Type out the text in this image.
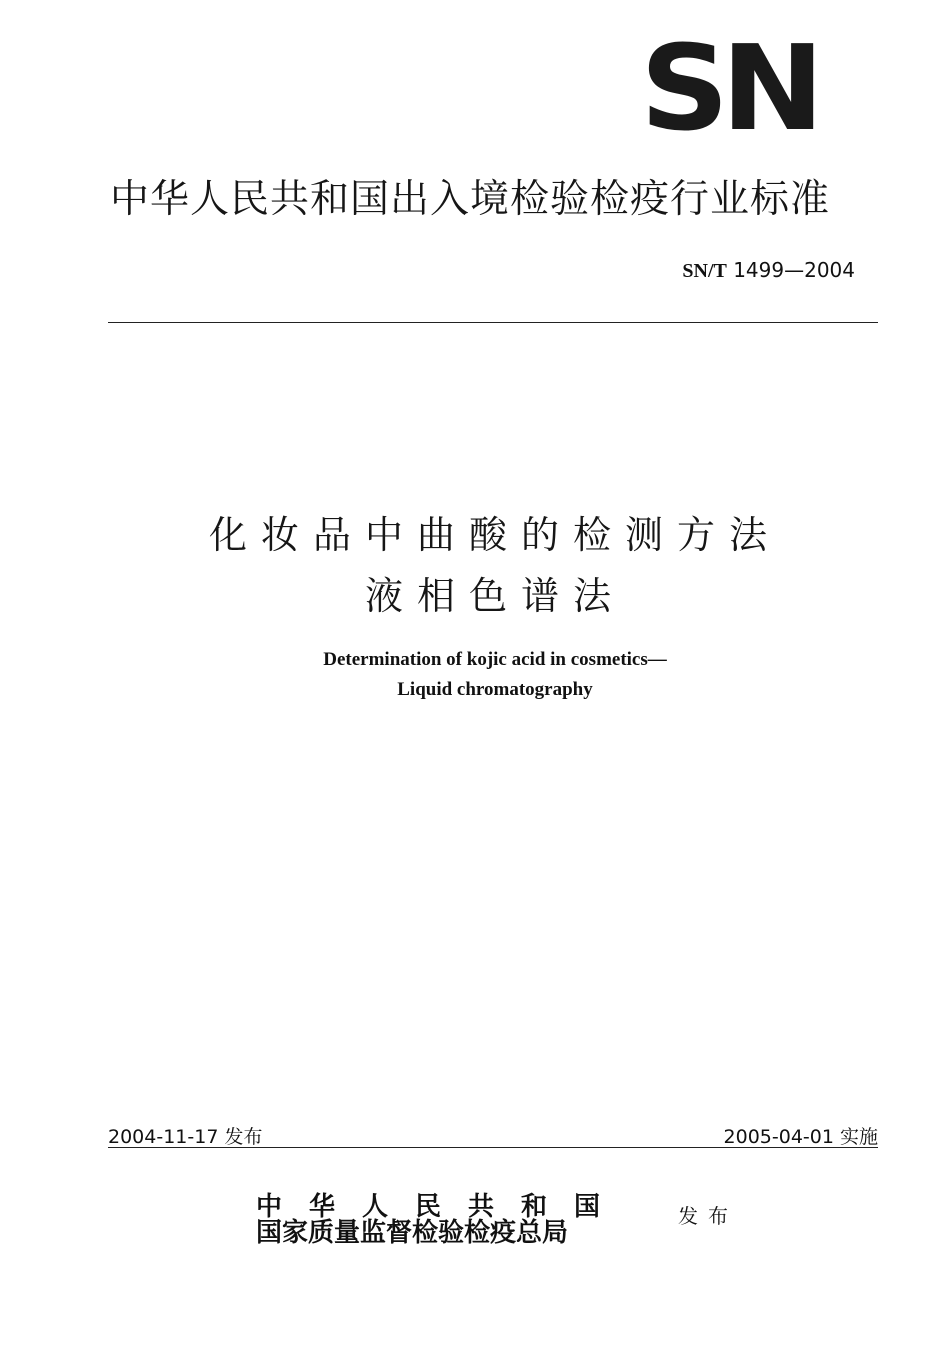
SN
中华人民共和国出入境检验检疫行业标准
SN/T 1499—2004
化妆品中曲酸的检测方法
液相色谱法
Determination of kojic acid in cosmetics—
Liquid chromatography
2004-11-17 发布	2005-04-01 实施
中华人民共和国
国家质量监督检验检疫总局
发布
